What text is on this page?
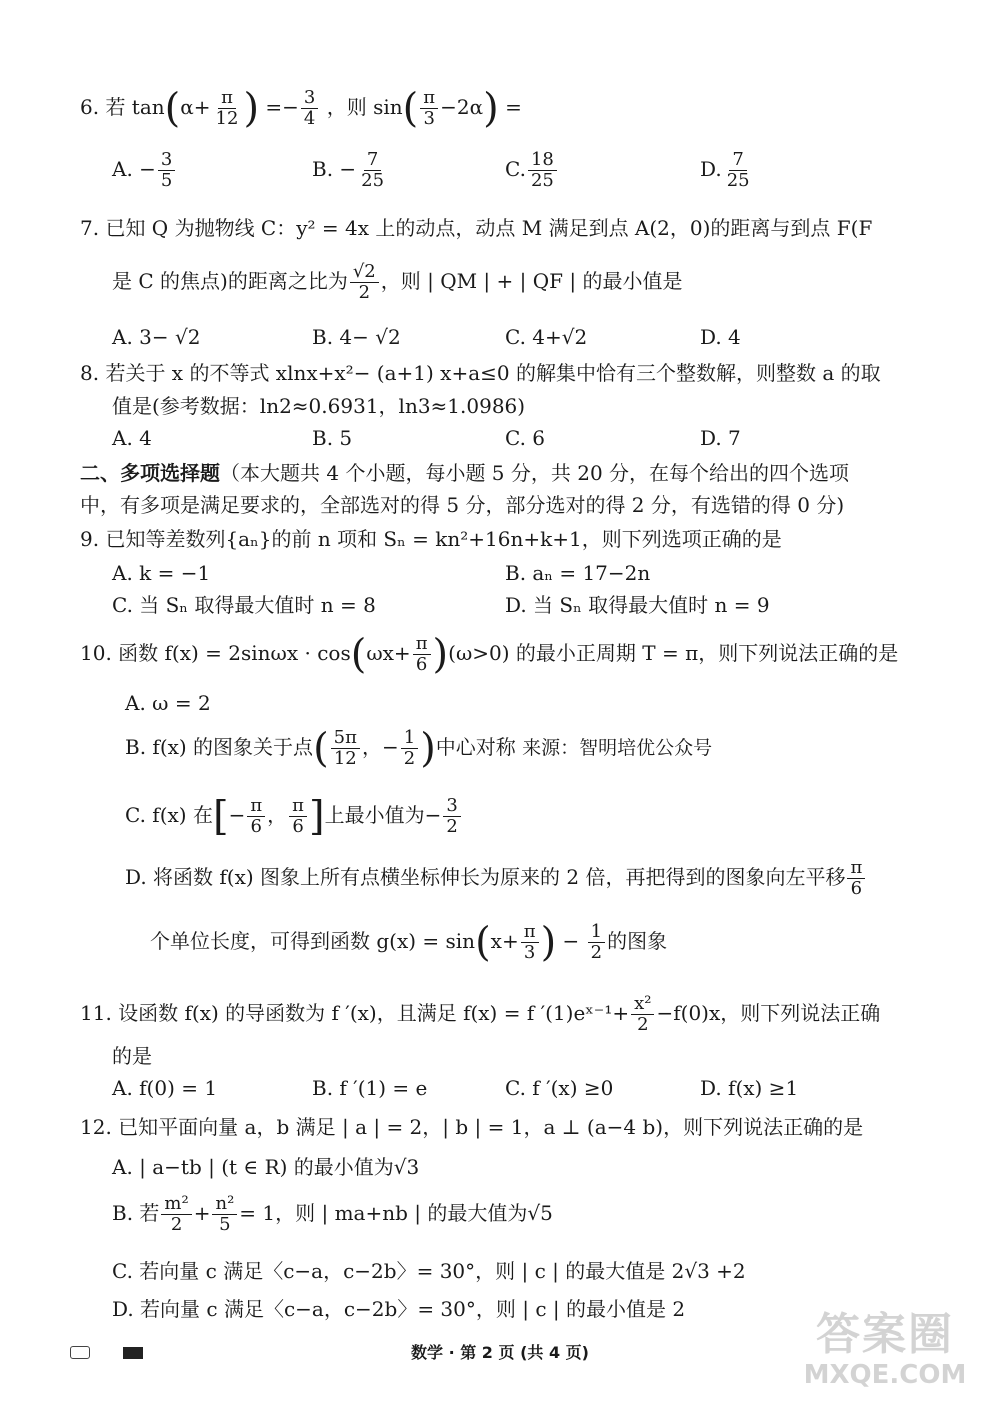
6. 若 $\tan(\alpha+ \frac{\pi}{12}$ ) =− $\frac{3}{4}$ ，则 $\sin( \frac{\pi}{3} -2\alpha)$ =
A. − $\frac{3}{5}$	B. − $\frac{7}{25}$	C. $\frac{18}{25}$	D. $\frac{7}{25}$
7. 已知 Q 为抛物线 C：y² = 4x 上的动点，动点 M 满足到点 A(2，0)的距离与到点 F(F
是 C 的焦点)的距离之比为 $\frac{√2}{2}$ ，则 | QM | + | QF | 的最小值是
A. 3− √2	B. 4− √2	C. 4+√2	D. 4
8. 若关于 x 的不等式 xlnx+x²− (a+1) x+a≤0 的解集中恰有三个整数解，则整数 a 的取
值是(参考数据：ln2≈0.6931，ln3≈1.0986)
A. 4	B. 5	C. 6	D. 7
二、多项选择题（本大题共 4 个小题，每小题 5 分，共 20 分，在每个给出的四个选项
中，有多项是满足要求的，全部选对的得 5 分，部分选对的得 2 分，有选错的得 0 分)
9. 已知等差数列{aₙ}的前 n 项和 Sₙ = kn²+16n+k+1，则下列选项正确的是
A. k = −1	B. aₙ = 17−2n
C. 当 Sₙ 取得最大值时 n = 8	D. 当 Sₙ 取得最大值时 n = 9
10. 函数 $f(x) = 2\sin\omega x \cdot \cos(\omega x+ \frac{\pi}{6} )(\omega>0)$ 的最小正周期 T = π，则下列说法正确的是
A. ω = 2
B. f(x) 的图象关于点( $\frac{5\pi}{12}$ ，− $\frac{1}{2}$ )中心对称 来源：智明培优公众号
C. f(x) 在[− $\frac{\pi}{6}$ ， $\frac{\pi}{6}$ ]上最小值为− $\frac{3}{2}$
D. 将函数 f(x) 图象上所有点横坐标伸长为原来的 2 倍，再把得到的图象向左平移 $\frac{\pi}{6}$
个单位长度，可得到函数 $g(x) = \sin(x+ \frac{\pi}{3}$ ) − $\frac{1}{2}$ 的图象
11. 设函数 f(x) 的导函数为 f ′(x)，且满足 f(x) = f ′(1)eˣ⁻¹+ $\frac{\text{x²}}{2} -f(0)x$，则下列说法正确
的是
A. f(0) = 1	B. f ′(1) = e	C. f ′(x) ≥0	D. f(x) ≥1
12. 已知平面向量 a，b 满足 | a | = 2，| b | = 1，a ⊥ (a−4 b)，则下列说法正确的是
A. | a−tb | (t ∈ R) 的最小值为√3
B. 若 $\frac{\text{m²}}{2} + \frac{\text{n²}}{5} = 1$，则 | ma+nb | 的最大值为√5
C. 若向量 c 满足〈c−a，c−2b〉= 30°，则 | c | 的最大值是 2√3 +2
D. 若向量 c 满足〈c−a，c−2b〉= 30°，则 | c | 的最小值是 2

数学 · 第 2 页 (共 4 页)	答案圈
MXQE.COM
